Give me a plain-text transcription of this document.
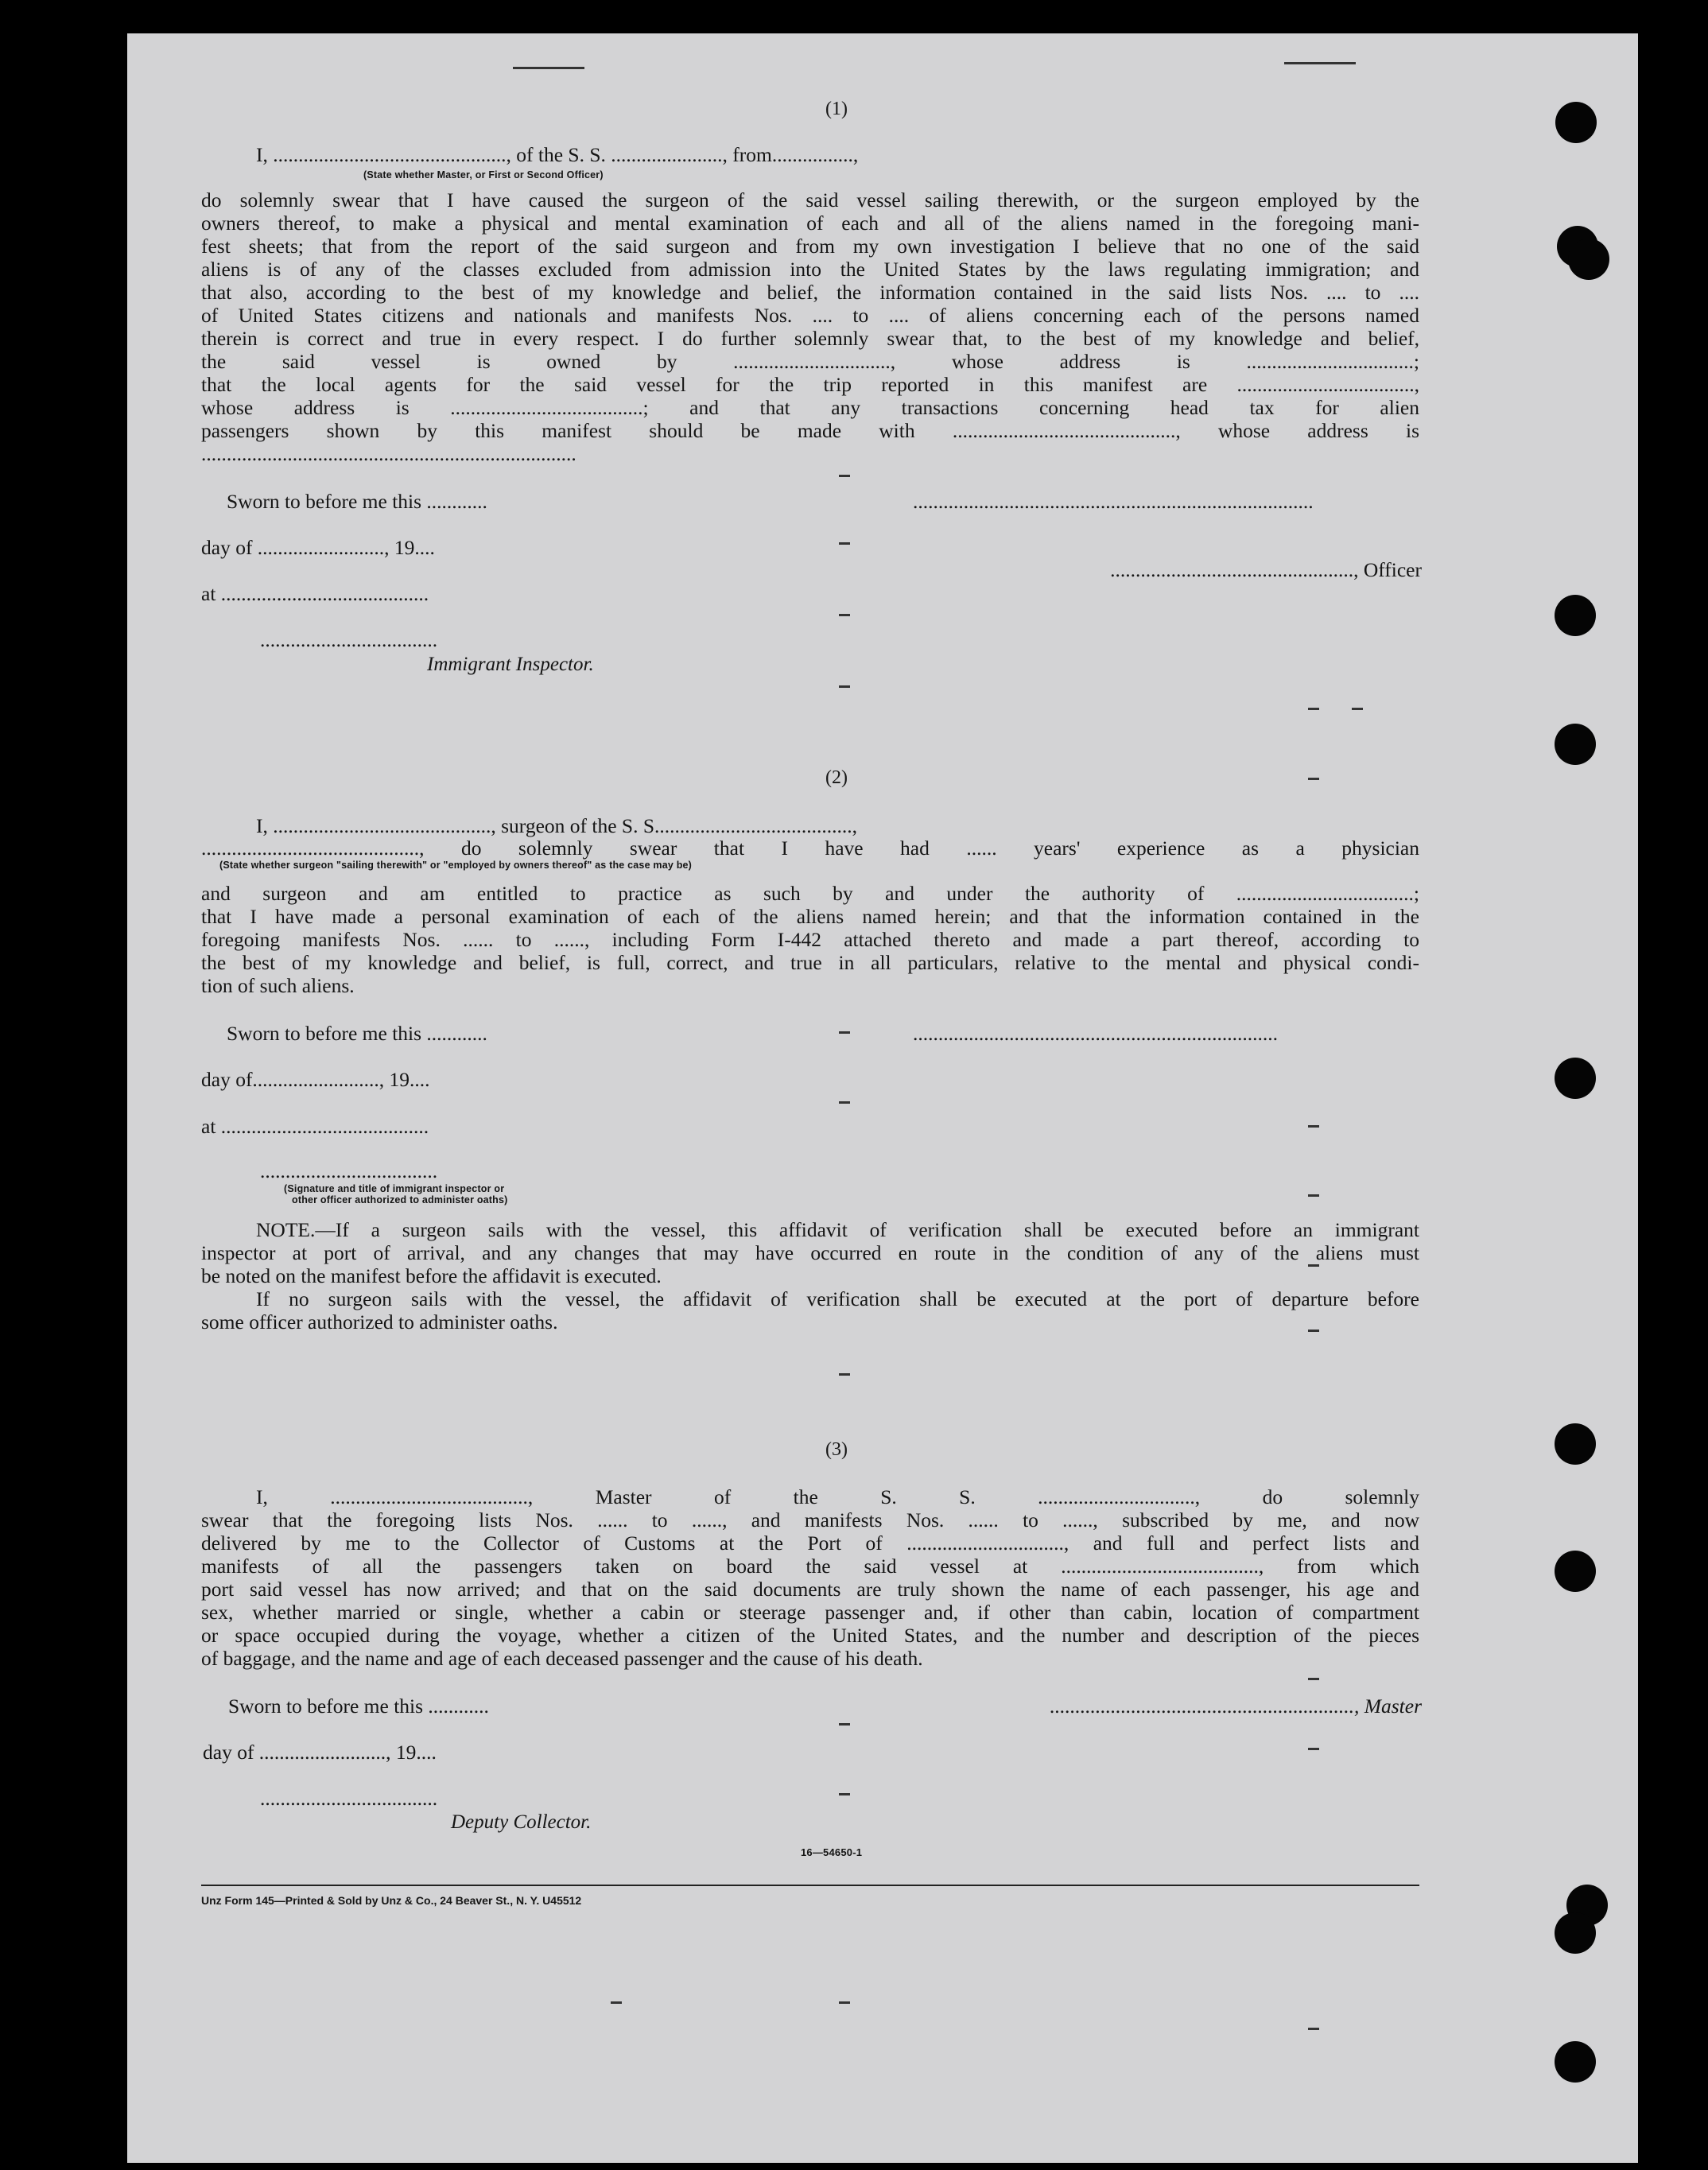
(1)
I, .............................................., of the S. S. ......................, from................,
(State whether Master, or First or Second Officer)
do solemnly swear that I have caused the surgeon of the said vessel sailing therewith, or the surgeon employed by the
owners thereof, to make a physical and mental examination of each and all of the aliens named in the foregoing mani-
fest sheets; that from the report of the said surgeon and from my own investigation I believe that no one of the said
aliens is of any of the classes excluded from admission into the United States by the laws regulating immigration; and
that also, according to the best of my knowledge and belief, the information contained in the said lists Nos. .... to ....
of United States citizens and nationals and manifests Nos. .... to .... of aliens concerning each of the persons named
therein is correct and true in every respect. I do further solemnly swear that, to the best of my knowledge and belief,
the said vessel is owned by ..............................., whose address is .................................;
that the local agents for the said vessel for the trip reported in this manifest are ...................................,
whose address is ......................................; and that any transactions concerning head tax for alien
passengers shown by this manifest should be made with ............................................, whose address is
..........................................................................
Sworn to before me this ............	...............................................................................
day of ........................., 19....
................................................, Officer
at .........................................
...................................
Immigrant Inspector.
(2)
I, ..........................................., surgeon of the S. S.......................................,
..........................................., do solemnly swear that I have had ...... years' experience as a physician
(State whether surgeon "sailing therewith" or "employed by owners thereof" as the case may be)
and surgeon and am entitled to practice as such by and under the authority of ...................................;
that I have made a personal examination of each of the aliens named herein; and that the information contained in the
foregoing manifests Nos. ...... to ......, including Form I-442 attached thereto and made a part thereof, according to
the best of my knowledge and belief, is full, correct, and true in all particulars, relative to the mental and physical condi-
tion of such aliens.
Sworn to before me this ............	........................................................................
day of........................., 19....
at .........................................
...................................
(Signature and title of immigrant inspector or
other officer authorized to administer oaths)
NOTE.—If a surgeon sails with the vessel, this affidavit of verification shall be executed before an immigrant
inspector at port of arrival, and any changes that may have occurred en route in the condition of any of the aliens must
be noted on the manifest before the affidavit is executed.
If no surgeon sails with the vessel, the affidavit of verification shall be executed at the port of departure before
some officer authorized to administer oaths.
(3)
I, ......................................., Master of the S. S. ..............................., do solemnly
swear that the foregoing lists Nos. ...... to ......, and manifests Nos. ...... to ......, subscribed by me, and now
delivered by me to the Collector of Customs at the Port of ..............................., and full and perfect lists and
manifests of all the passengers taken on board the said vessel at ......................................., from which
port said vessel has now arrived; and that on the said documents are truly shown the name of each passenger, his age and
sex, whether married or single, whether a cabin or steerage passenger and, if other than cabin, location of compartment
or space occupied during the voyage, whether a citizen of the United States, and the number and description of the pieces
of baggage, and the name and age of each deceased passenger and the cause of his death.
Sworn to before me this ............	............................................................, Master
day of ........................., 19....
...................................
Deputy Collector.
16—54650-1
Unz Form 145—Printed & Sold by Unz & Co., 24 Beaver St., N. Y. U45512
